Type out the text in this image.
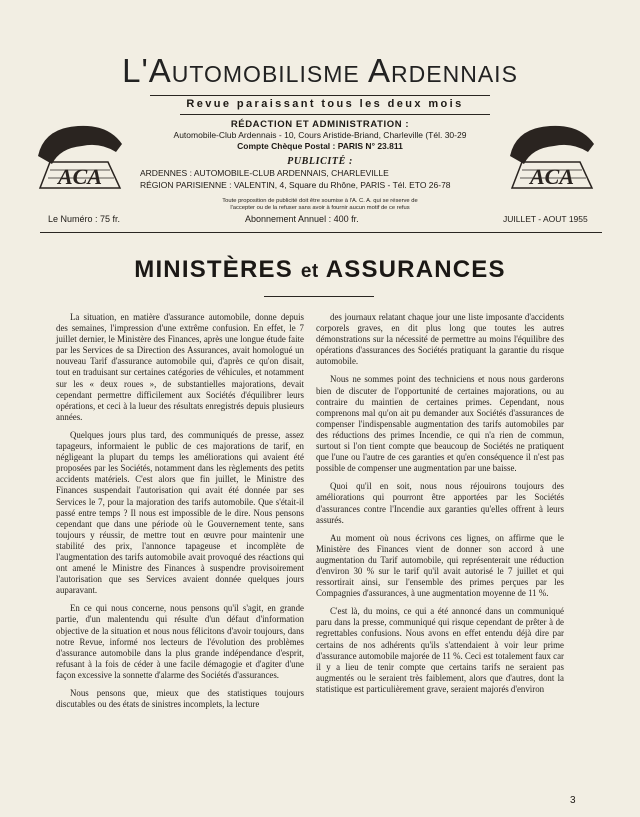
L'Automobilisme Ardennais
Revue paraissant tous les deux mois
ACA	ACA
RÉDACTION ET ADMINISTRATION :
Automobile-Club Ardennais - 10, Cours Aristide-Briand, Charleville (Tél. 30-29
Compte Chèque Postal : PARIS N° 23.811
PUBLICITÉ :
ARDENNES : AUTOMOBILE-CLUB ARDENNAIS, CHARLEVILLE
RÉGION PARISIENNE : VALENTIN, 4, Square du Rhône, PARIS - Tél. ETO 26-78
Toute proposition de publicité doit être soumise à l'A. C. A. qui se réserve de
l'accepter ou de la refuser sans avoir à fournir aucun motif de ce refus
Le Numéro : 75 fr.	Abonnement Annuel : 400 fr.	JUILLET - AOUT 1955
MINISTÈRES et ASSURANCES

La situation, en matière d'assurance automobile, donne depuis des semaines, l'impression d'une extrême confusion. En effet, le 7 juillet dernier, le Ministère des Finances, après une longue étude faite par les Services de sa Direction des Assurances, avait homologué un nouveau Tarif d'assurance automobile qui, d'après ce qu'on disait, tout en traduisant sur certaines catégories de véhicules, et notamment sur les « deux roues », de substantielles majorations, devait cependant permettre difficilement aux Sociétés d'équilibrer leurs opérations, et ceci à la lueur des résultats enregistrés depuis plusieurs années.

Quelques jours plus tard, des communiqués de presse, assez tapageurs, informaient le public de ces majorations de tarif, en négligeant la plupart du temps les améliorations qui avaient été proposées par les Sociétés, notamment dans les règlements des petits accidents matériels. C'est alors que fin juillet, le Ministre des Finances suspendait l'autorisation qui avait été donnée par ses Services le 7, pour la majoration des tarifs automobile. Que s'était-il passé entre temps ? Il nous est impossible de le dire. Nous pensons cependant que dans une période où le Gouvernement tente, sans toujours y réussir, de mettre tout en œuvre pour maintenir une stabilité des prix, l'annonce tapageuse et incomplète de l'augmentation des tarifs automobile avait provoqué des réactions qui ont amené le Ministre des Finances à suspendre provisoirement l'autorisation que ses Services avaient donnée quelques jours auparavant.

En ce qui nous concerne, nous pensons qu'il s'agit, en grande partie, d'un malentendu qui résulte d'un défaut d'information objective de la situation et nous nous félicitons d'avoir toujours, dans notre Revue, informé nos lecteurs de l'évolution des problèmes d'assurance automobile dans la plus grande indépendance d'esprit, refusant à la fois de céder à une facile démagogie et d'agiter d'une façon excessive la sonnette d'alarme des Sociétés d'assurances.

Nous pensons que, mieux que des statistiques toujours discutables ou des états de sinistres incomplets, la lecture

des journaux relatant chaque jour une liste imposante d'accidents corporels graves, en dit plus long que toutes les autres démonstrations sur la nécessité de permettre au moins l'équilibre des opérations d'assurances des Sociétés pratiquant la garantie du risque automobile.

Nous ne sommes point des techniciens et nous nous garderons bien de discuter de l'opportunité de certaines majorations, ou au contraire du maintien de certaines primes. Cependant, nous comprenons mal qu'on ait pu demander aux Sociétés d'assurances de compenser l'indispensable augmentation des tarifs automobiles par des réductions des primes Incendie, ce qui n'a rien de commun, surtout si l'on tient compte que beaucoup de Sociétés ne pratiquent que l'une ou l'autre de ces garanties et qu'en conséquence il n'est pas possible de compenser une augmentation par une baisse.

Quoi qu'il en soit, nous nous réjouirons toujours des améliorations qui pourront être apportées par les Sociétés d'assurances contre l'Incendie aux garanties qu'elles offrent à leurs assurés.

Au moment où nous écrivons ces lignes, on affirme que le Ministère des Finances vient de donner son accord à une augmentation du Tarif automobile, qui représenterait une réduction d'environ 30 % sur le tarif qu'il avait autorisé le 7 juillet et qui ressortirait ainsi, sur l'ensemble des primes perçues par les Compagnies d'assurances, à une augmentation moyenne de 11 %.

C'est là, du moins, ce qui a été annoncé dans un communiqué paru dans la presse, communiqué qui risque cependant de prêter à de regrettables confusions. Nous avons en effet entendu déjà dire par certains de nos adhérents qu'ils s'attendaient à voir leur prime d'assurance automobile majorée de 11 %. Ceci est totalement faux car il y a lieu de tenir compte que certains tarifs ne seraient pas augmentés ou le seraient très faiblement, alors que d'autres, dont la statistique est particulièrement grave, seraient majorés d'environ

3
